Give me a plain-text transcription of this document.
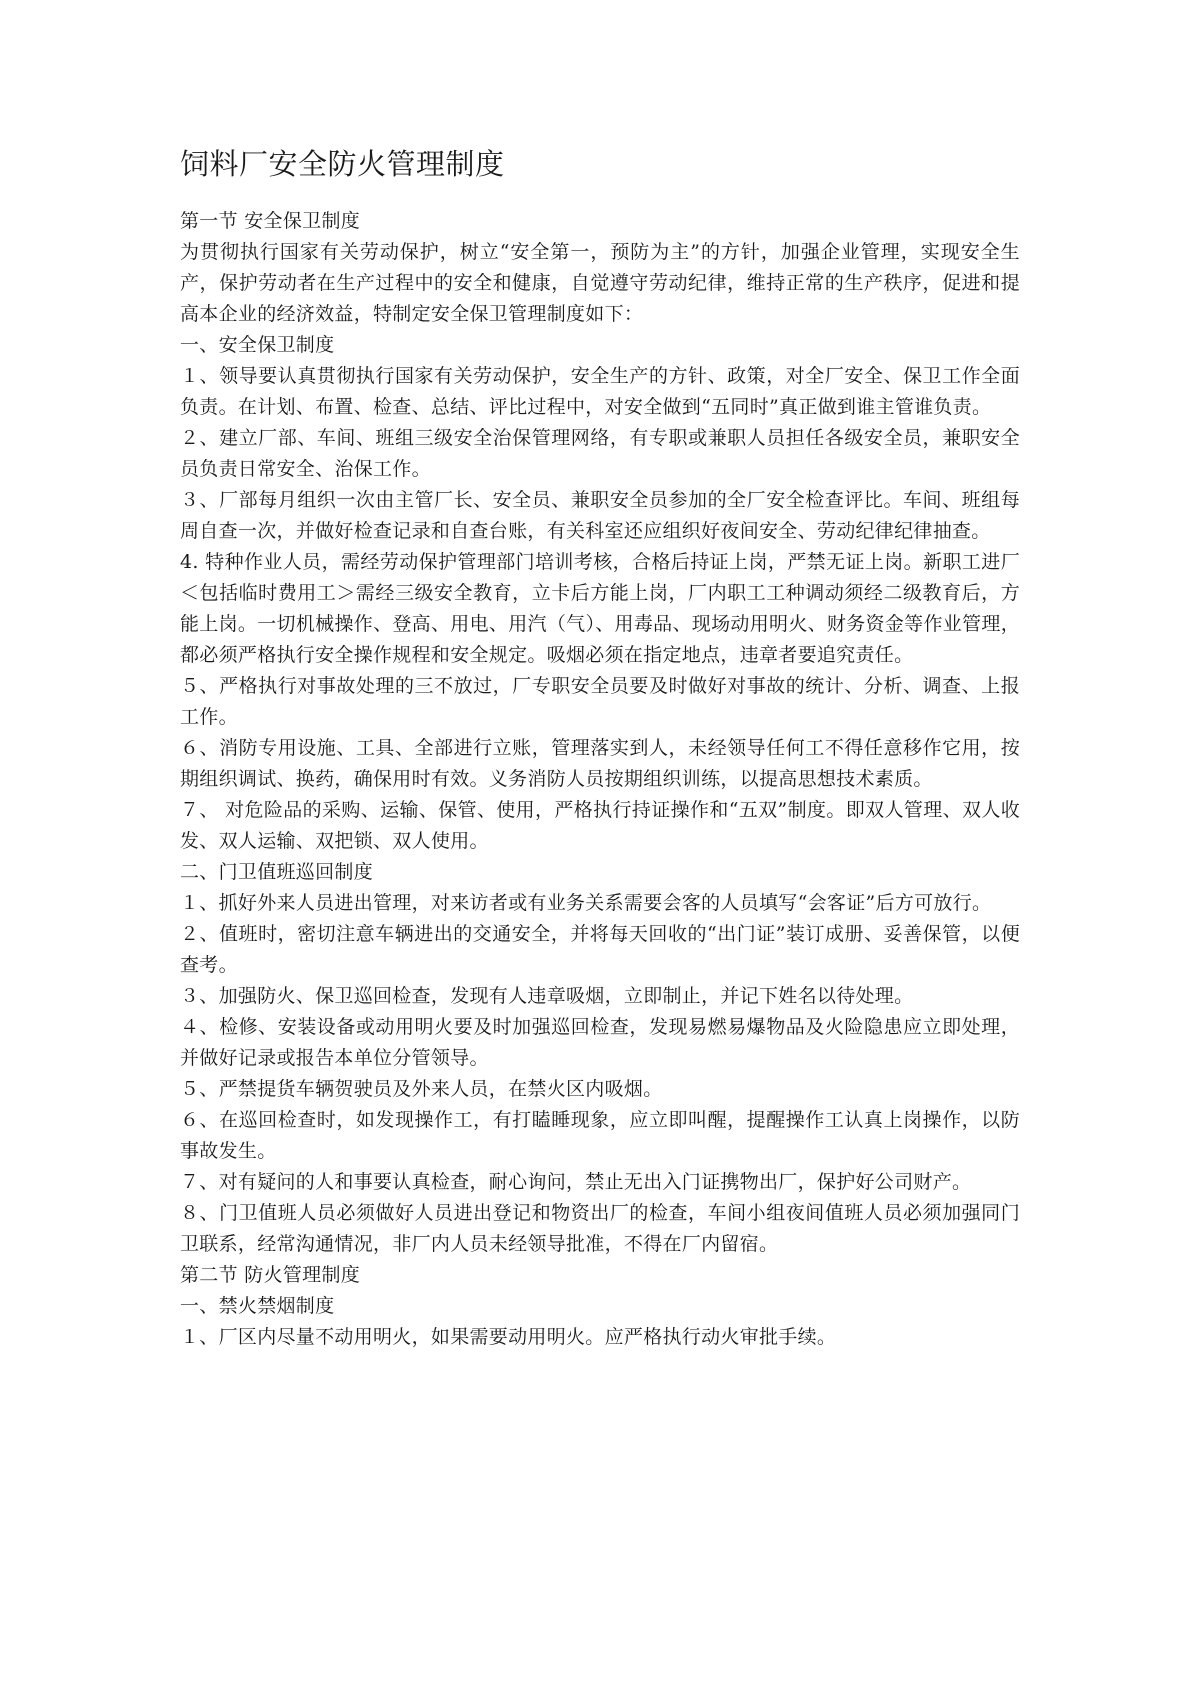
饲料厂安全防火管理制度

第一节 安全保卫制度

为贯彻执行国家有关劳动保护，树立“安全第一，预防为主”的方针，加强企业管理，实现安全生产，保护劳动者在生产过程中的安全和健康，自觉遵守劳动纪律，维持正常的生产秩序，促进和提高本企业的经济效益，特制定安全保卫管理制度如下：

一、安全保卫制度

１、领导要认真贯彻执行国家有关劳动保护，安全生产的方针、政策，对全厂安全、保卫工作全面负责。在计划、布置、检查、总结、评比过程中，对安全做到“五同时”真正做到谁主管谁负责。

２、建立厂部、车间、班组三级安全治保管理网络，有专职或兼职人员担任各级安全员，兼职安全员负责日常安全、治保工作。

３、厂部每月组织一次由主管厂长、安全员、兼职安全员参加的全厂安全检查评比。车间、班组每周自查一次，并做好检查记录和自查台账，有关科室还应组织好夜间安全、劳动纪律纪律抽查。

4. 特种作业人员，需经劳动保护管理部门培训考核，合格后持证上岗，严禁无证上岗。新职工进厂＜包括临时费用工＞需经三级安全教育，立卡后方能上岗，厂内职工工种调动须经二级教育后，方能上岗。一切机械操作、登高、用电、用汽（气）、用毒品、现场动用明火、财务资金等作业管理，都必须严格执行安全操作规程和安全规定。吸烟必须在指定地点，违章者要追究责任。

５、严格执行对事故处理的三不放过，厂专职安全员要及时做好对事故的统计、分析、调查、上报工作。

６、消防专用设施、工具、全部进行立账，管理落实到人，未经领导任何工不得任意移作它用，按期组织调试、换药，确保用时有效。义务消防人员按期组织训练，以提高思想技术素质。

７、 对危险品的采购、运输、保管、使用，严格执行持证操作和“五双”制度。即双人管理、双人收发、双人运输、双把锁、双人使用。

二、门卫值班巡回制度

１、抓好外来人员进出管理，对来访者或有业务关系需要会客的人员填写“会客证”后方可放行。

２、值班时，密切注意车辆进出的交通安全，并将每天回收的“出门证”装订成册、妥善保管，以便查考。

３、加强防火、保卫巡回检查，发现有人违章吸烟，立即制止，并记下姓名以待处理。

４、检修、安装设备或动用明火要及时加强巡回检查，发现易燃易爆物品及火险隐患应立即处理，并做好记录或报告本单位分管领导。

５、严禁提货车辆贺驶员及外来人员，在禁火区内吸烟。

６、在巡回检查时，如发现操作工，有打瞌睡现象，应立即叫醒，提醒操作工认真上岗操作，以防事故发生。

７、对有疑问的人和事要认真检查，耐心询问，禁止无出入门证携物出厂，保护好公司财产。

８、门卫值班人员必须做好人员进出登记和物资出厂的检查，车间小组夜间值班人员必须加强同门卫联系，经常沟通情况，非厂内人员未经领导批准，不得在厂内留宿。

第二节 防火管理制度

一、禁火禁烟制度

１、厂区内尽量不动用明火，如果需要动用明火。应严格执行动火审批手续。
